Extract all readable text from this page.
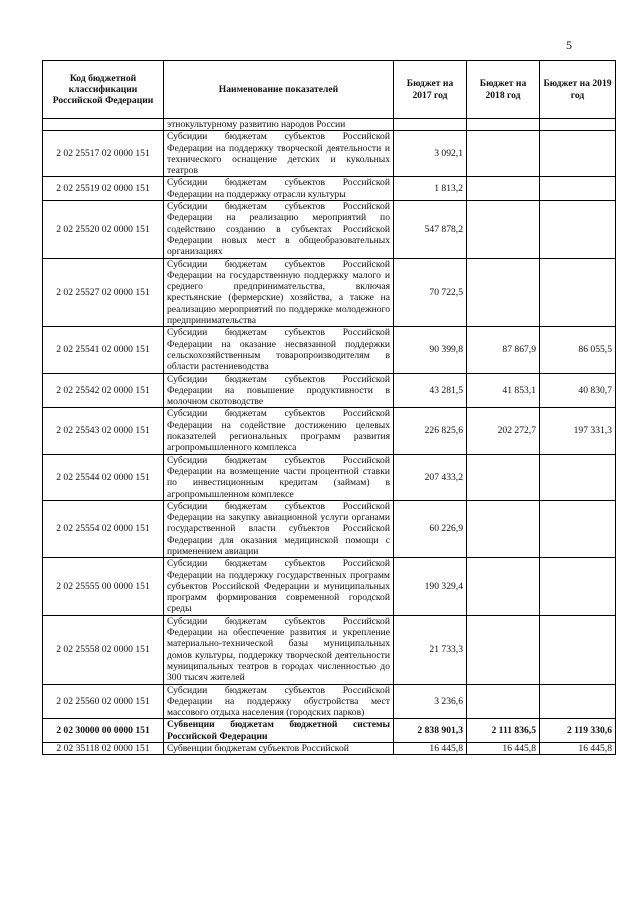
5
Код бюджетной классификации Российской Федерации	Наименование показателей	Бюджет на 2017 год	Бюджет на 2018 год	Бюджет на 2019 год
	этнокультурному развитию народов России			
2 02 25517 02 0000 151	Субсидии бюджетам субъектов Российской Федерации на поддержку творческой деятельности и технического оснащение детских и кукольных театров	3 092,1		
2 02 25519 02 0000 151	Субсидии бюджетам субъектов Российской Федерации на поддержку отрасли культуры	1 813,2		
2 02 25520 02 0000 151	Субсидии бюджетам субъектов Российской Федерации на реализацию мероприятий по содействию созданию в субъектах Российской Федерации новых мест в общеобразовательных организациях	547 878,2		
2 02 25527 02 0000 151	Субсидии бюджетам субъектов Российской Федерации на государственную поддержку малого и среднего предпринимательства, включая крестьянские (фермерские) хозяйства, а также на реализацию мероприятий по поддержке молодежного предпринимательства	70 722,5		
2 02 25541 02 0000 151	Субсидии бюджетам субъектов Российской Федерации на оказание несвязанной поддержки сельскохозяйственным товаропроизводителям в области растениеводства	90 399,8	87 867,9	86 055,5
2 02 25542 02 0000 151	Субсидии бюджетам субъектов Российской Федерации на повышение продуктивности в молочном скотоводстве	43 281,5	41 853,1	40 830,7
2 02 25543 02 0000 151	Субсидии бюджетам субъектов Российской Федерации на содействие достижению целевых показателей региональных программ развития агропромышленного комплекса	226 825,6	202 272,7	197 331,3
2 02 25544 02 0000 151	Субсидии бюджетам субъектов Российской Федерации на возмещение части процентной ставки по инвестиционным кредитам (займам) в агропромышленном комплексе	207 433,2		
2 02 25554 02 0000 151	Субсидии бюджетам субъектов Российской Федерации на закупку авиационной услуги органами государственной власти субъектов Российской Федерации для оказания медицинской помощи с применением авиации	60 226,9		
2 02 25555 00 0000 151	Субсидии бюджетам субъектов Российской Федерации на поддержку государственных программ субъектов Российской Федерации и муниципальных программ формирования современной городской среды	190 329,4		
2 02 25558 02 0000 151	Субсидии бюджетам субъектов Российской Федерации на обеспечение развития и укрепление материально-технической базы муниципальных домов культуры, поддержку творческой деятельности муниципальных театров в городах численностью до 300 тысяч жителей	21 733,3		
2 02 25560 02 0000 151	Субсидии бюджетам субъектов Российской Федерации на поддержку обустройства мест массового отдыха населения (городских парков)	3 236,6		
2 02 30000 00 0000 151	Субвенции бюджетам бюджетной системы Российской Федерации	2 838 901,3	2 111 836,5	2 119 330,6
2 02 35118 02 0000 151	Субвенции бюджетам субъектов Российской	16 445,8	16 445,8	16 445,8
